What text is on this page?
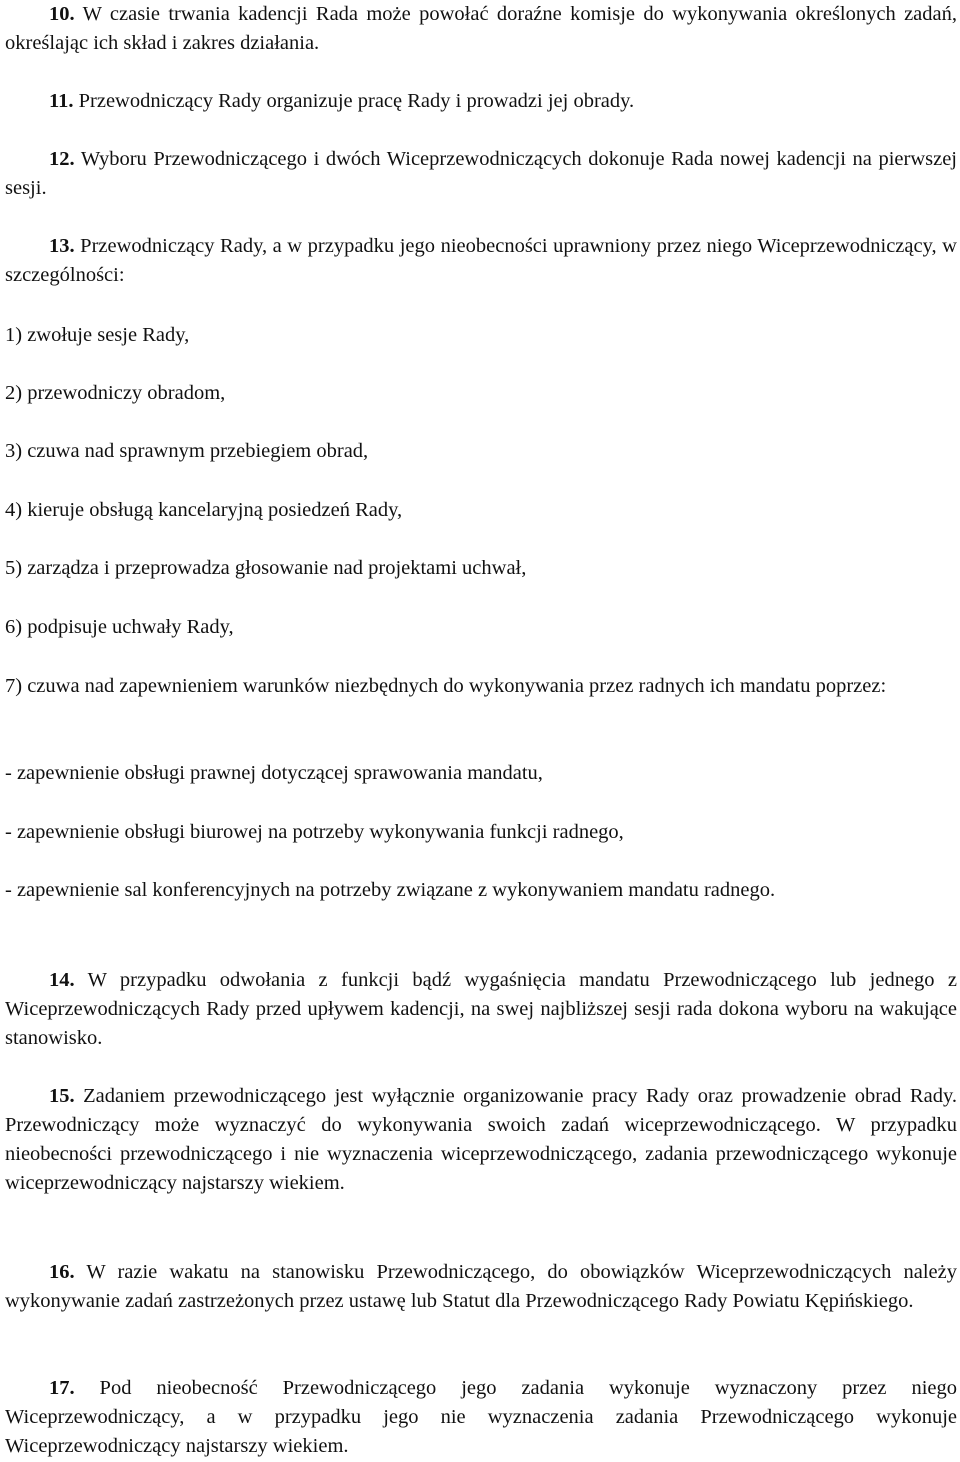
10. W czasie trwania kadencji Rada może powołać doraźne komisje do wykonywania określonych zadań, określając ich skład i zakres działania.

11. Przewodniczący Rady organizuje pracę Rady i prowadzi jej obrady.

12. Wyboru Przewodniczącego i dwóch Wiceprzewodniczących dokonuje Rada nowej kadencji na pierwszej sesji.

13. Przewodniczący Rady, a w przypadku jego nieobecności uprawniony przez niego Wiceprzewodniczący, w szczególności:

1) zwołuje sesje Rady,

2) przewodniczy obradom,

3) czuwa nad sprawnym przebiegiem obrad,

4) kieruje obsługą kancelaryjną posiedzeń Rady,

5) zarządza i przeprowadza głosowanie nad projektami uchwał,

6) podpisuje uchwały Rady,

7) czuwa nad zapewnieniem warunków niezbędnych do wykonywania przez radnych ich mandatu poprzez:

- zapewnienie obsługi prawnej dotyczącej sprawowania mandatu,

- zapewnienie obsługi biurowej na potrzeby wykonywania funkcji radnego,

- zapewnienie sal konferencyjnych na potrzeby związane z wykonywaniem mandatu radnego.

14. W przypadku odwołania z funkcji bądź wygaśnięcia mandatu Przewodniczącego lub jednego z Wiceprzewodniczących Rady przed upływem kadencji, na swej najbliższej sesji rada dokona wyboru na wakujące stanowisko.

15. Zadaniem przewodniczącego jest wyłącznie organizowanie pracy Rady oraz prowadzenie obrad Rady. Przewodniczący może wyznaczyć do wykonywania swoich zadań wiceprzewodniczącego. W przypadku nieobecności przewodniczącego i nie wyznaczenia wiceprzewodniczącego, zadania przewodniczącego wykonuje wiceprzewodniczący najstarszy wiekiem.

16. W razie wakatu na stanowisku Przewodniczącego, do obowiązków Wiceprzewodniczących należy wykonywanie zadań zastrzeżonych przez ustawę lub Statut dla Przewodniczącego Rady Powiatu Kępińskiego.

17. Pod nieobecność Przewodniczącego jego zadania wykonuje wyznaczony przez niego Wiceprzewodniczący, a w przypadku jego nie wyznaczenia zadania Przewodniczącego wykonuje Wiceprzewodniczący najstarszy wiekiem.
